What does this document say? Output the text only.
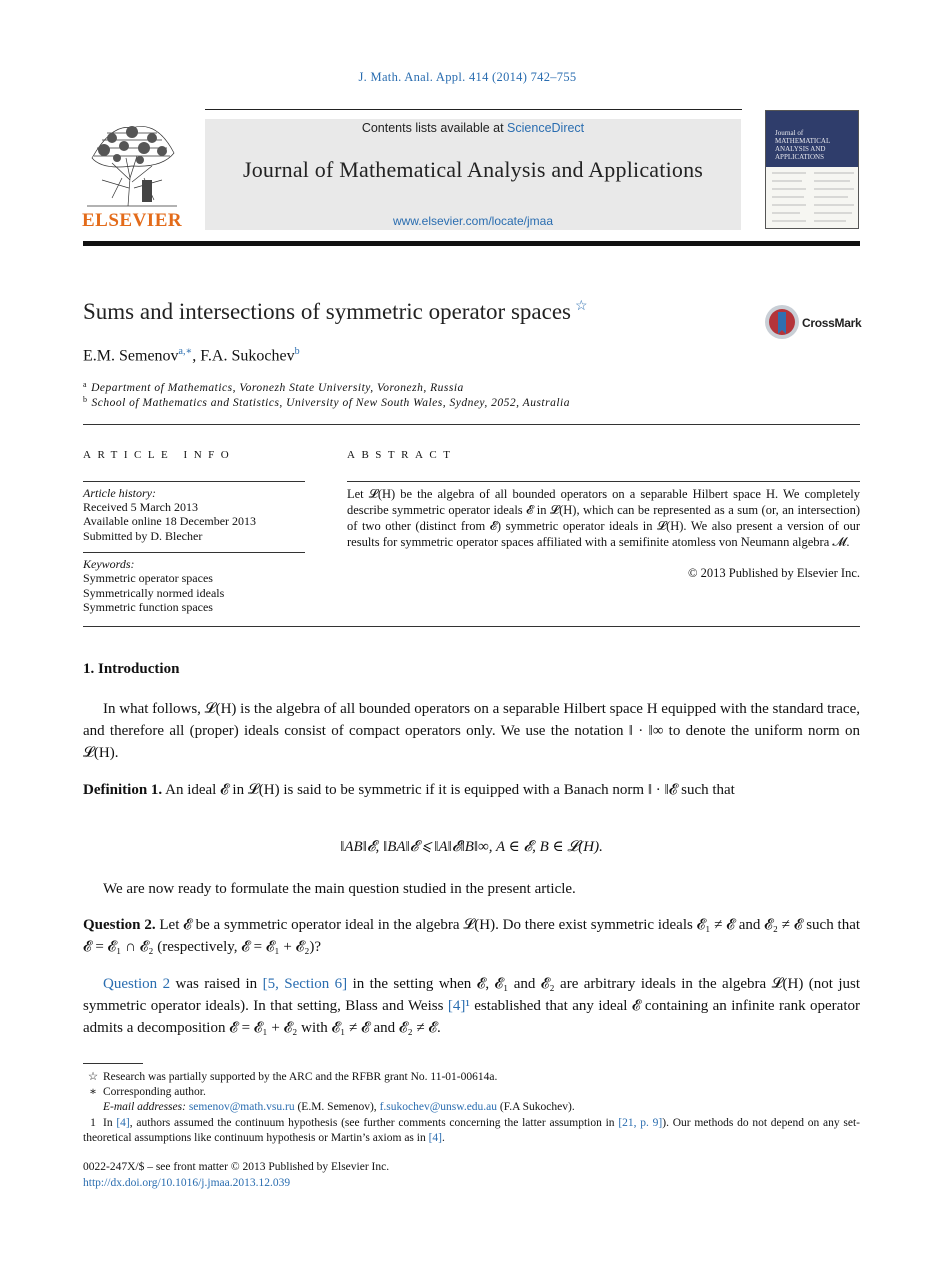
J. Math. Anal. Appl. 414 (2014) 742–755
ELSEVIER
Contents lists available at ScienceDirect
Journal of Mathematical Analysis and Applications
www.elsevier.com/locate/jmaa
Journal of MATHEMATICAL ANALYSIS AND APPLICATIONS
Sums and intersections of symmetric operator spaces ☆
CrossMark
E.M. Semenov$^{a,∗}$, F.A. Sukochev$^b$
$^a$ Department of Mathematics, Voronezh State University, Voronezh, Russia
$^b$ School of Mathematics and Statistics, University of New South Wales, Sydney, 2052, Australia
ARTICLE INFO
Article history:
Received 5 March 2013
Available online 18 December 2013
Submitted by D. Blecher
Keywords:
Symmetric operator spaces
Symmetrically normed ideals
Symmetric function spaces
ABSTRACT
Let 𝓛(H) be the algebra of all bounded operators on a separable Hilbert space H. We completely describe symmetric operator ideals 𝓔 in 𝓛(H), which can be represented as a sum (or, an intersection) of two other (distinct from 𝓔) symmetric operator ideals in 𝓛(H). We also present a version of our results for symmetric operator spaces affiliated with a semifinite atomless von Neumann algebra 𝓜.
© 2013 Published by Elsevier Inc.
1. Introduction
In what follows, 𝓛(H) is the algebra of all bounded operators on a separable Hilbert space H equipped with the standard trace, and therefore all (proper) ideals consist of compact operators only. We use the notation ‖ · ‖∞ to denote the uniform norm on 𝓛(H).
Definition 1. An ideal 𝓔 in 𝓛(H) is said to be symmetric if it is equipped with a Banach norm ‖ · ‖𝓔 such that
‖AB‖𝓔, ‖BA‖𝓔 ⩽ ‖A‖𝓔‖B‖∞, A ∈ 𝓔, B ∈ 𝓛(H).
We are now ready to formulate the main question studied in the present article.
Question 2. Let 𝓔 be a symmetric operator ideal in the algebra 𝓛(H). Do there exist symmetric ideals 𝓔₁ ≠ 𝓔 and 𝓔₂ ≠ 𝓔 such that 𝓔 = 𝓔₁ ∩ 𝓔₂ (respectively, 𝓔 = 𝓔₁ + 𝓔₂)?
Question 2 was raised in [5, Section 6] in the setting when 𝓔, 𝓔₁ and 𝓔₂ are arbitrary ideals in the algebra 𝓛(H) (not just symmetric operator ideals). In that setting, Blass and Weiss [4]¹ established that any ideal 𝓔 containing an infinite rank operator admits a decomposition 𝓔 = 𝓔₁ + 𝓔₂ with 𝓔₁ ≠ 𝓔 and 𝓔₂ ≠ 𝓔.
☆ Research was partially supported by the ARC and the RFBR grant No. 11-01-00614a.
∗ Corresponding author.
E-mail addresses: semenov@math.vsu.ru (E.M. Semenov), f.sukochev@unsw.edu.au (F.A Sukochev).
1 In [4], authors assumed the continuum hypothesis (see further comments concerning the latter assumption in [21, p. 9]). Our methods do not depend on any set-theoretical assumptions like continuum hypothesis or Martin’s axiom as in [4].
0022-247X/$ – see front matter © 2013 Published by Elsevier Inc.
http://dx.doi.org/10.1016/j.jmaa.2013.12.039
